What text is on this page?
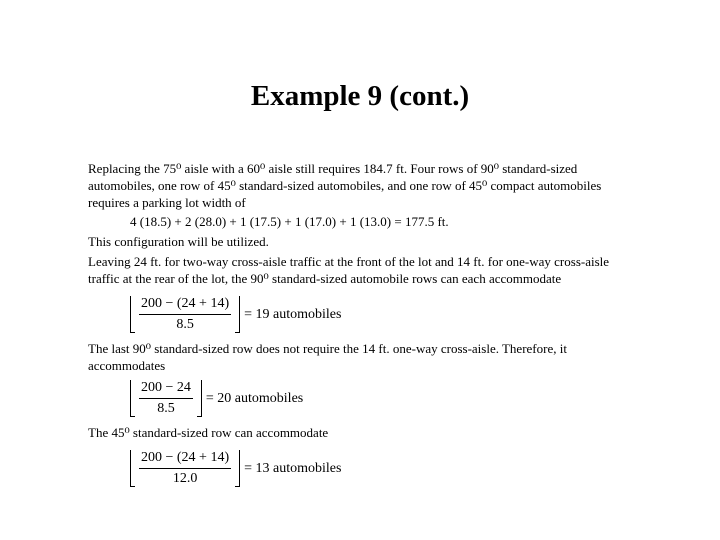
Example 9 (cont.)
Replacing the 75⁰ aisle with a 60⁰ aisle still requires 184.7 ft. Four rows of 90⁰ standard-sized
automobiles, one row of 45⁰ standard-sized automobiles, and one row of 45⁰ compact automobiles
requires a parking lot width of
4 (18.5) + 2 (28.0) + 1 (17.5) + 1 (17.0) + 1 (13.0) = 177.5 ft.
This configuration will be utilized.
Leaving 24 ft. for two-way cross-aisle traffic at the front of the lot and 14 ft. for one-way cross-aisle
traffic at the rear of the lot, the 90⁰ standard-sized automobile rows can each accommodate
200 − (24 + 14)
8.5
= 19 automobiles
The last 90⁰ standard-sized row does not require the 14 ft. one-way cross-aisle. Therefore, it
accommodates
200 − 24
8.5
= 20 automobiles
The 45⁰ standard-sized row can accommodate
200 − (24 + 14)
12.0
= 13 automobiles
